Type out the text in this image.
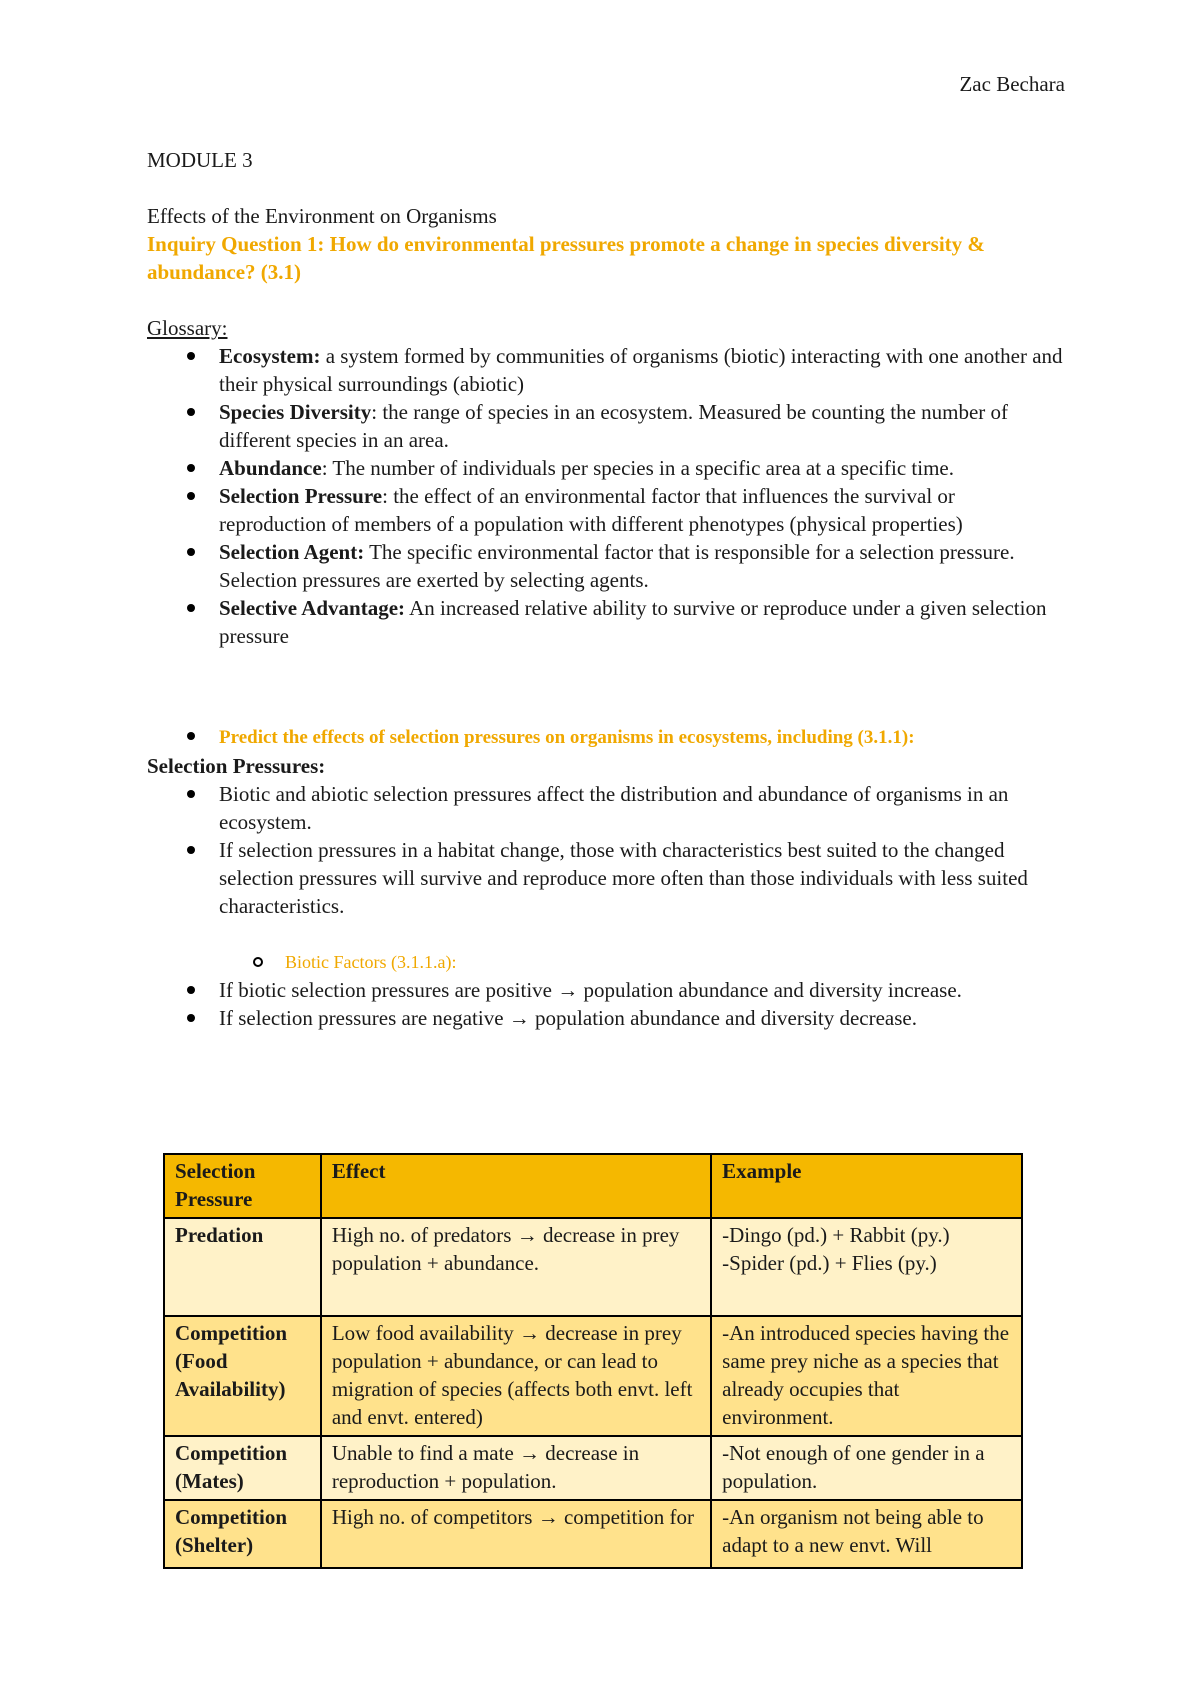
Zac Bechara

MODULE 3

Effects of the Environment on Organisms

Inquiry Question 1: How do environmental pressures promote a change in species diversity & abundance? (3.1)

Glossary:

Ecosystem: a system formed by communities of organisms (biotic) interacting with one another and their physical surroundings (abiotic)
Species Diversity: the range of species in an ecosystem. Measured be counting the number of different species in an area.
Abundance: The number of individuals per species in a specific area at a specific time.
Selection Pressure: the effect of an environmental factor that influences the survival or reproduction of members of a population with different phenotypes (physical properties)
Selection Agent: The specific environmental factor that is responsible for a selection pressure. Selection pressures are exerted by selecting agents.
Selective Advantage: An increased relative ability to survive or reproduce under a given selection pressure
Predict the effects of selection pressures on organisms in ecosystems, including (3.1.1):

Selection Pressures:

Biotic and abiotic selection pressures affect the distribution and abundance of organisms in an ecosystem.
If selection pressures in a habitat change, those with characteristics best suited to the changed selection pressures will survive and reproduce more often than those individuals with less suited characteristics.
Biotic Factors (3.1.1.a):
If biotic selection pressures are positive → population abundance and diversity increase.
If selection pressures are negative → population abundance and diversity decrease.
Selection Pressure	Effect	Example
Predation	High no. of predators → decrease in prey population + abundance.	-Dingo (pd.) + Rabbit (py.)
-Spider (pd.) + Flies (py.)

Competition (Food Availability)	Low food availability → decrease in prey population + abundance, or can lead to migration of species (affects both envt. left and envt. entered)	-An introduced species having the same prey niche as a species that already occupies that environment.

Competition (Mates)	Unable to find a mate → decrease in reproduction + population.	-Not enough of one gender in a population.

Competition (Shelter)	High no. of competitors → competition for	-An organism not being able to adapt to a new envt. Will
